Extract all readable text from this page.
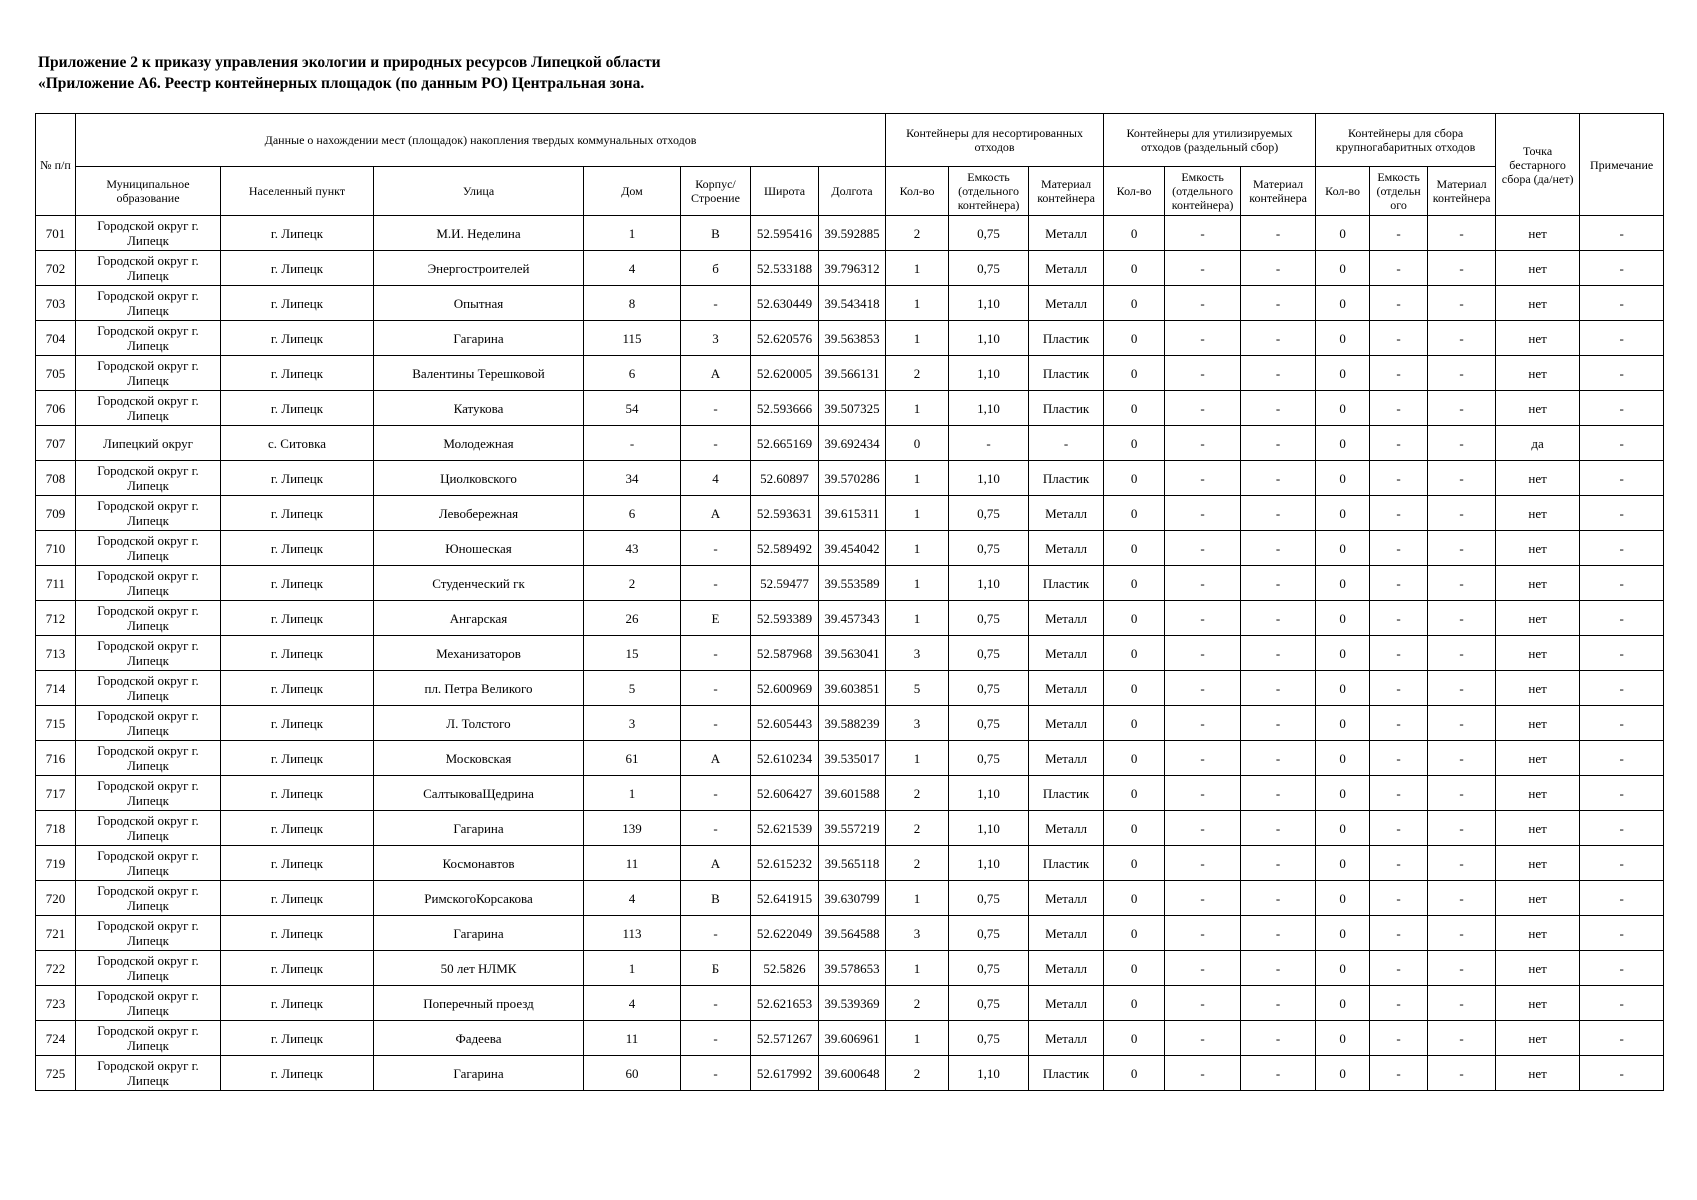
Приложение 2 к приказу управления экологии и природных ресурсов Липецкой области
«Приложение А6. Реестр контейнерных площадок (по данным РО) Центральная зона.
№ п/п	Данные о нахождении мест (площадок) накопления твердых коммунальных отходов							Контейнеры для несортированных отходов			Контейнеры для утилизируемых отходов (раздельный сбор)			Контейнеры для сбора крупногабаритных отходов			Точка бестарного сбора (да/нет)	Примечание
	Муниципальное образование	Населенный пункт	Улица	Дом	Корпус/ Строение	Широта	Долгота	Кол-во	Емкость (отдельного контейнера)	Материал контейнера	Кол-во	Емкость (отдельного контейнера)	Материал контейнера	Кол-во	Емкость (отдельн ого	Материал контейнера		
701	Городской округ г. Липецк	г. Липецк	М.И. Неделина	1	В	52.595416	39.592885	2	0,75	Металл	0	-	-	0	-	-	нет	-
702	Городской округ г. Липецк	г. Липецк	Энергостроителей	4	б	52.533188	39.796312	1	0,75	Металл	0	-	-	0	-	-	нет	-
703	Городской округ г. Липецк	г. Липецк	Опытная	8	-	52.630449	39.543418	1	1,10	Металл	0	-	-	0	-	-	нет	-
704	Городской округ г. Липецк	г. Липецк	Гагарина	115	3	52.620576	39.563853	1	1,10	Пластик	0	-	-	0	-	-	нет	-
705	Городской округ г. Липецк	г. Липецк	Валентины Терешковой	6	А	52.620005	39.566131	2	1,10	Пластик	0	-	-	0	-	-	нет	-
706	Городской округ г. Липецк	г. Липецк	Катукова	54	-	52.593666	39.507325	1	1,10	Пластик	0	-	-	0	-	-	нет	-
707	Липецкий округ	с. Ситовка	Молодежная	-	-	52.665169	39.692434	0	-	-	0	-	-	0	-	-	да	-
708	Городской округ г. Липецк	г. Липецк	Циолковского	34	4	52.60897	39.570286	1	1,10	Пластик	0	-	-	0	-	-	нет	-
709	Городской округ г. Липецк	г. Липецк	Левобережная	6	А	52.593631	39.615311	1	0,75	Металл	0	-	-	0	-	-	нет	-
710	Городской округ г. Липецк	г. Липецк	Юношеская	43	-	52.589492	39.454042	1	0,75	Металл	0	-	-	0	-	-	нет	-
711	Городской округ г. Липецк	г. Липецк	Студенческий гк	2	-	52.59477	39.553589	1	1,10	Пластик	0	-	-	0	-	-	нет	-
712	Городской округ г. Липецк	г. Липецк	Ангарская	26	Е	52.593389	39.457343	1	0,75	Металл	0	-	-	0	-	-	нет	-
713	Городской округ г. Липецк	г. Липецк	Механизаторов	15	-	52.587968	39.563041	3	0,75	Металл	0	-	-	0	-	-	нет	-
714	Городской округ г. Липецк	г. Липецк	пл. Петра Великого	5	-	52.600969	39.603851	5	0,75	Металл	0	-	-	0	-	-	нет	-
715	Городской округ г. Липецк	г. Липецк	Л. Толстого	3	-	52.605443	39.588239	3	0,75	Металл	0	-	-	0	-	-	нет	-
716	Городской округ г. Липецк	г. Липецк	Московская	61	А	52.610234	39.535017	1	0,75	Металл	0	-	-	0	-	-	нет	-
717	Городской округ г. Липецк	г. Липецк	СалтыковаЩедрина	1	-	52.606427	39.601588	2	1,10	Пластик	0	-	-	0	-	-	нет	-
718	Городской округ г. Липецк	г. Липецк	Гагарина	139	-	52.621539	39.557219	2	1,10	Металл	0	-	-	0	-	-	нет	-
719	Городской округ г. Липецк	г. Липецк	Космонавтов	11	А	52.615232	39.565118	2	1,10	Пластик	0	-	-	0	-	-	нет	-
720	Городской округ г. Липецк	г. Липецк	РимскогоКорсакова	4	В	52.641915	39.630799	1	0,75	Металл	0	-	-	0	-	-	нет	-
721	Городской округ г. Липецк	г. Липецк	Гагарина	113	-	52.622049	39.564588	3	0,75	Металл	0	-	-	0	-	-	нет	-
722	Городской округ г. Липецк	г. Липецк	50 лет НЛМК	1	Б	52.5826	39.578653	1	0,75	Металл	0	-	-	0	-	-	нет	-
723	Городской округ г. Липецк	г. Липецк	Поперечный проезд	4	-	52.621653	39.539369	2	0,75	Металл	0	-	-	0	-	-	нет	-
724	Городской округ г. Липецк	г. Липецк	Фадеева	11	-	52.571267	39.606961	1	0,75	Металл	0	-	-	0	-	-	нет	-
725	Городской округ г. Липецк	г. Липецк	Гагарина	60	-	52.617992	39.600648	2	1,10	Пластик	0	-	-	0	-	-	нет	-
